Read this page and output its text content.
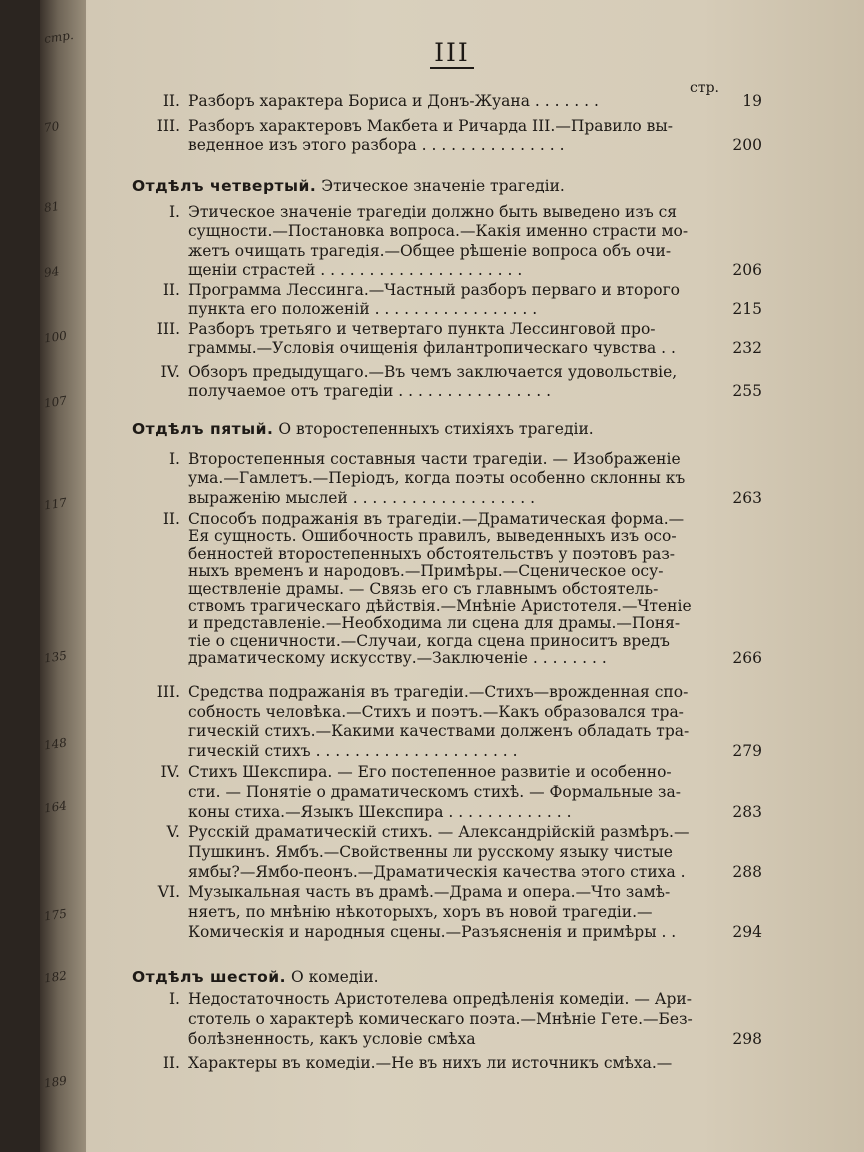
стр.
70
81
94
100
107
117
135
148
164
175
182
189
III
стр.
Отдѣлъ четвертый. Этическое значеніе трагедіи.
Отдѣлъ пятый. О второстепенныхъ стихіяхъ трагедіи.
Отдѣлъ шестой. О комедіи.
II. Разборъ характера Бориса и Донъ-Жуана . . . . . . .	19
III. Разборъ характеровъ Макбета и Ричарда III.—Правило вы-
веденное изъ этого разбора . . . . . . . . . . . . . . .	200
I. Этическое значеніе трагедіи должно быть выведено изъ ся
сущности.—Постановка вопроса.—Какія именно страсти мо-
жетъ очищать трагедія.—Общее рѣшеніе вопроса объ очи-
щеніи страстей . . . . . . . . . . . . . . . . . . . . .	206
II. Программа Лессинга.—Частный разборъ перваго и второго
пункта его положеній . . . . . . . . . . . . . . . . .	215
III. Разборъ третьяго и четвертаго пункта Лессинговой про-
граммы.—Условія очищенія филантропическаго чувства . .	232
IV. Обзоръ предыдущаго.—Въ чемъ заключается удовольствіе,
получаемое отъ трагедіи . . . . . . . . . . . . . . . .	255
I. Второстепенныя составныя части трагедіи. — Изображеніе
ума.—Гамлетъ.—Періодъ, когда поэты особенно склонны къ
выраженію мыслей . . . . . . . . . . . . . . . . . . .	263
II. Способъ подражанія въ трагедіи.—Драматическая форма.—
Ея сущность. Ошибочность правилъ, выведенныхъ изъ осо-
бенностей второстепенныхъ обстоятельствъ у поэтовъ раз-
ныхъ временъ и народовъ.—Примѣры.—Сценическое осу-
ществленіе драмы. — Связь его съ главнымъ обстоятель-
ствомъ трагическаго дѣйствія.—Мнѣніе Аристотеля.—Чтеніе
и представленіе.—Необходима ли сцена для драмы.—Поня-
тіе о сценичности.—Случаи, когда сцена приноситъ вредъ
драматическому искусству.—Заключеніе . . . . . . . .	266
III. Средства подражанія въ трагедіи.—Стихъ—врожденная спо-
собность человѣка.—Стихъ и поэтъ.—Какъ образовался тра-
гическій стихъ.—Какими качествами долженъ обладать тра-
гическій стихъ . . . . . . . . . . . . . . . . . . . . .	279
IV. Стихъ Шекспира. — Его постепенное развитіе и особенно-
сти. — Понятіе о драматическомъ стихѣ. — Формальные за-
коны стиха.—Языкъ Шекспира . . . . . . . . . . . . .	283
V. Русскій драматическій стихъ. — Александрійскій размѣръ.—
Пушкинъ. Ямбъ.—Свойственны ли русскому языку чистые
ямбы?—Ямбо-пеонъ.—Драматическія качества этого стиха .	288
VI. Музыкальная часть въ драмѣ.—Драма и опера.—Что замѣ-
няетъ, по мнѣнію нѣкоторыхъ, хоръ въ новой трагедіи.—
Комическія и народныя сцены.—Разъясненія и примѣры . .	294
I. Недостаточность Аристотелева опредѣленія комедіи. — Ари-
стотель о характерѣ комическаго поэта.—Мнѣніе Гете.—Без-
болѣзненность, какъ условіе смѣха	298
II. Характеры въ комедіи.—Не въ нихъ ли источникъ смѣха.—
